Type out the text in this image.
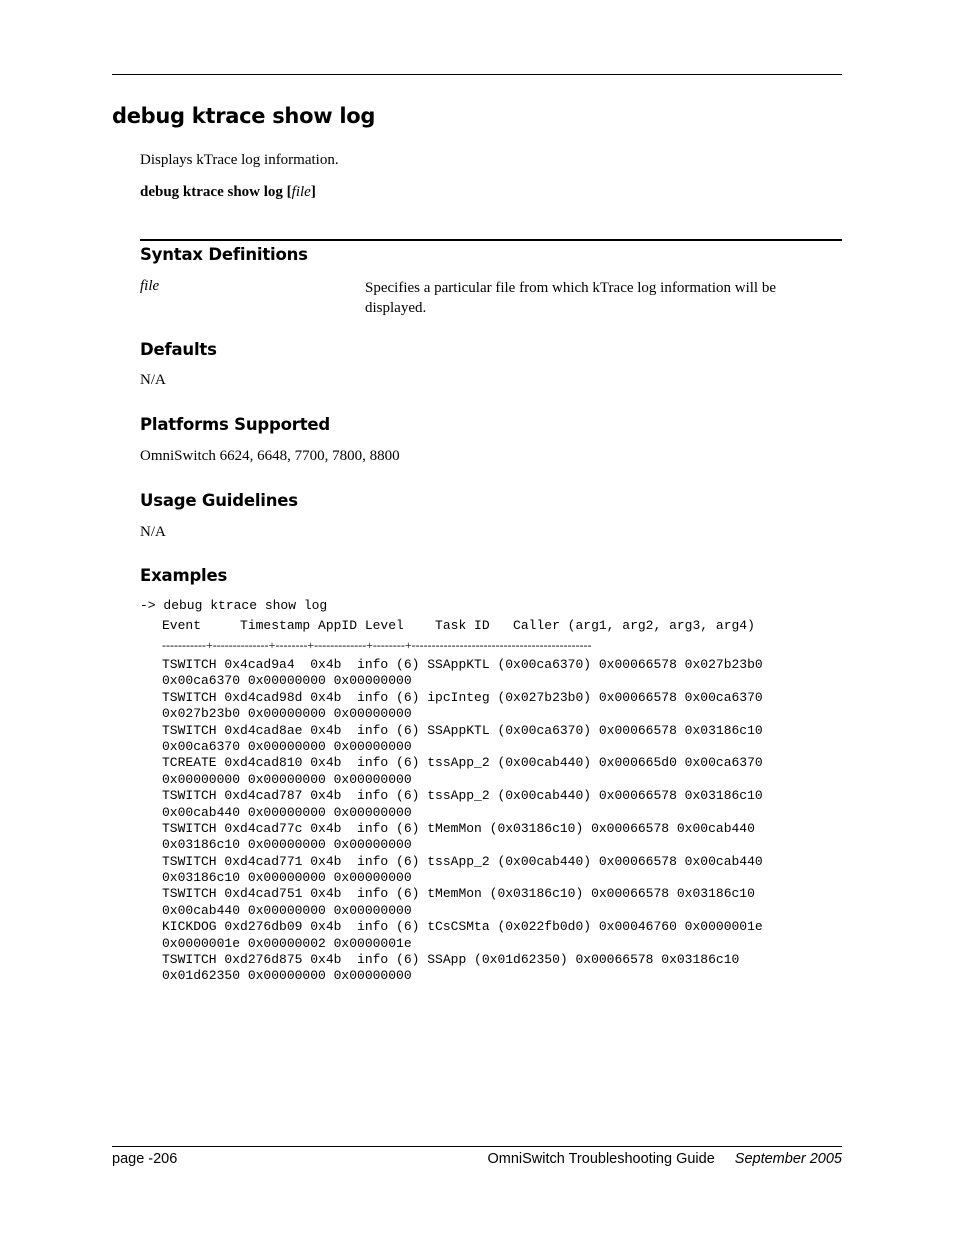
debug ktrace show log
Displays kTrace log information.
debug ktrace show log [file]
Syntax Definitions
file	Specifies a particular file from which kTrace log information will be displayed.
Defaults
N/A
Platforms Supported
OmniSwitch 6624, 6648, 7700, 7800, 8800
Usage Guidelines
N/A
Examples
-> debug ktrace show log
Event     Timestamp AppID Level    Task ID   Caller (arg1, arg2, arg3, arg4)
-----------+--------------+--------+-------------+--------+---------------------------------------------
TSWITCH 0x4cad9a4  0x4b  info (6) SSAppKTL (0x00ca6370) 0x00066578 0x027b23b0
0x00ca6370 0x00000000 0x00000000
TSWITCH 0xd4cad98d 0x4b  info (6) ipcInteg (0x027b23b0) 0x00066578 0x00ca6370
0x027b23b0 0x00000000 0x00000000
TSWITCH 0xd4cad8ae 0x4b  info (6) SSAppKTL (0x00ca6370) 0x00066578 0x03186c10
0x00ca6370 0x00000000 0x00000000
TCREATE 0xd4cad810 0x4b  info (6) tssApp_2 (0x00cab440) 0x000665d0 0x00ca6370
0x00000000 0x00000000 0x00000000
TSWITCH 0xd4cad787 0x4b  info (6) tssApp_2 (0x00cab440) 0x00066578 0x03186c10
0x00cab440 0x00000000 0x00000000
TSWITCH 0xd4cad77c 0x4b  info (6) tMemMon (0x03186c10) 0x00066578 0x00cab440
0x03186c10 0x00000000 0x00000000
TSWITCH 0xd4cad771 0x4b  info (6) tssApp_2 (0x00cab440) 0x00066578 0x00cab440
0x03186c10 0x00000000 0x00000000
TSWITCH 0xd4cad751 0x4b  info (6) tMemMon (0x03186c10) 0x00066578 0x03186c10
0x00cab440 0x00000000 0x00000000
KICKDOG 0xd276db09 0x4b  info (6) tCsCSMta (0x022fb0d0) 0x00046760 0x0000001e
0x0000001e 0x00000002 0x0000001e
TSWITCH 0xd276d875 0x4b  info (6) SSApp (0x01d62350) 0x00066578 0x03186c10
0x01d62350 0x00000000 0x00000000
page -206	OmniSwitch Troubleshooting Guide September 2005
